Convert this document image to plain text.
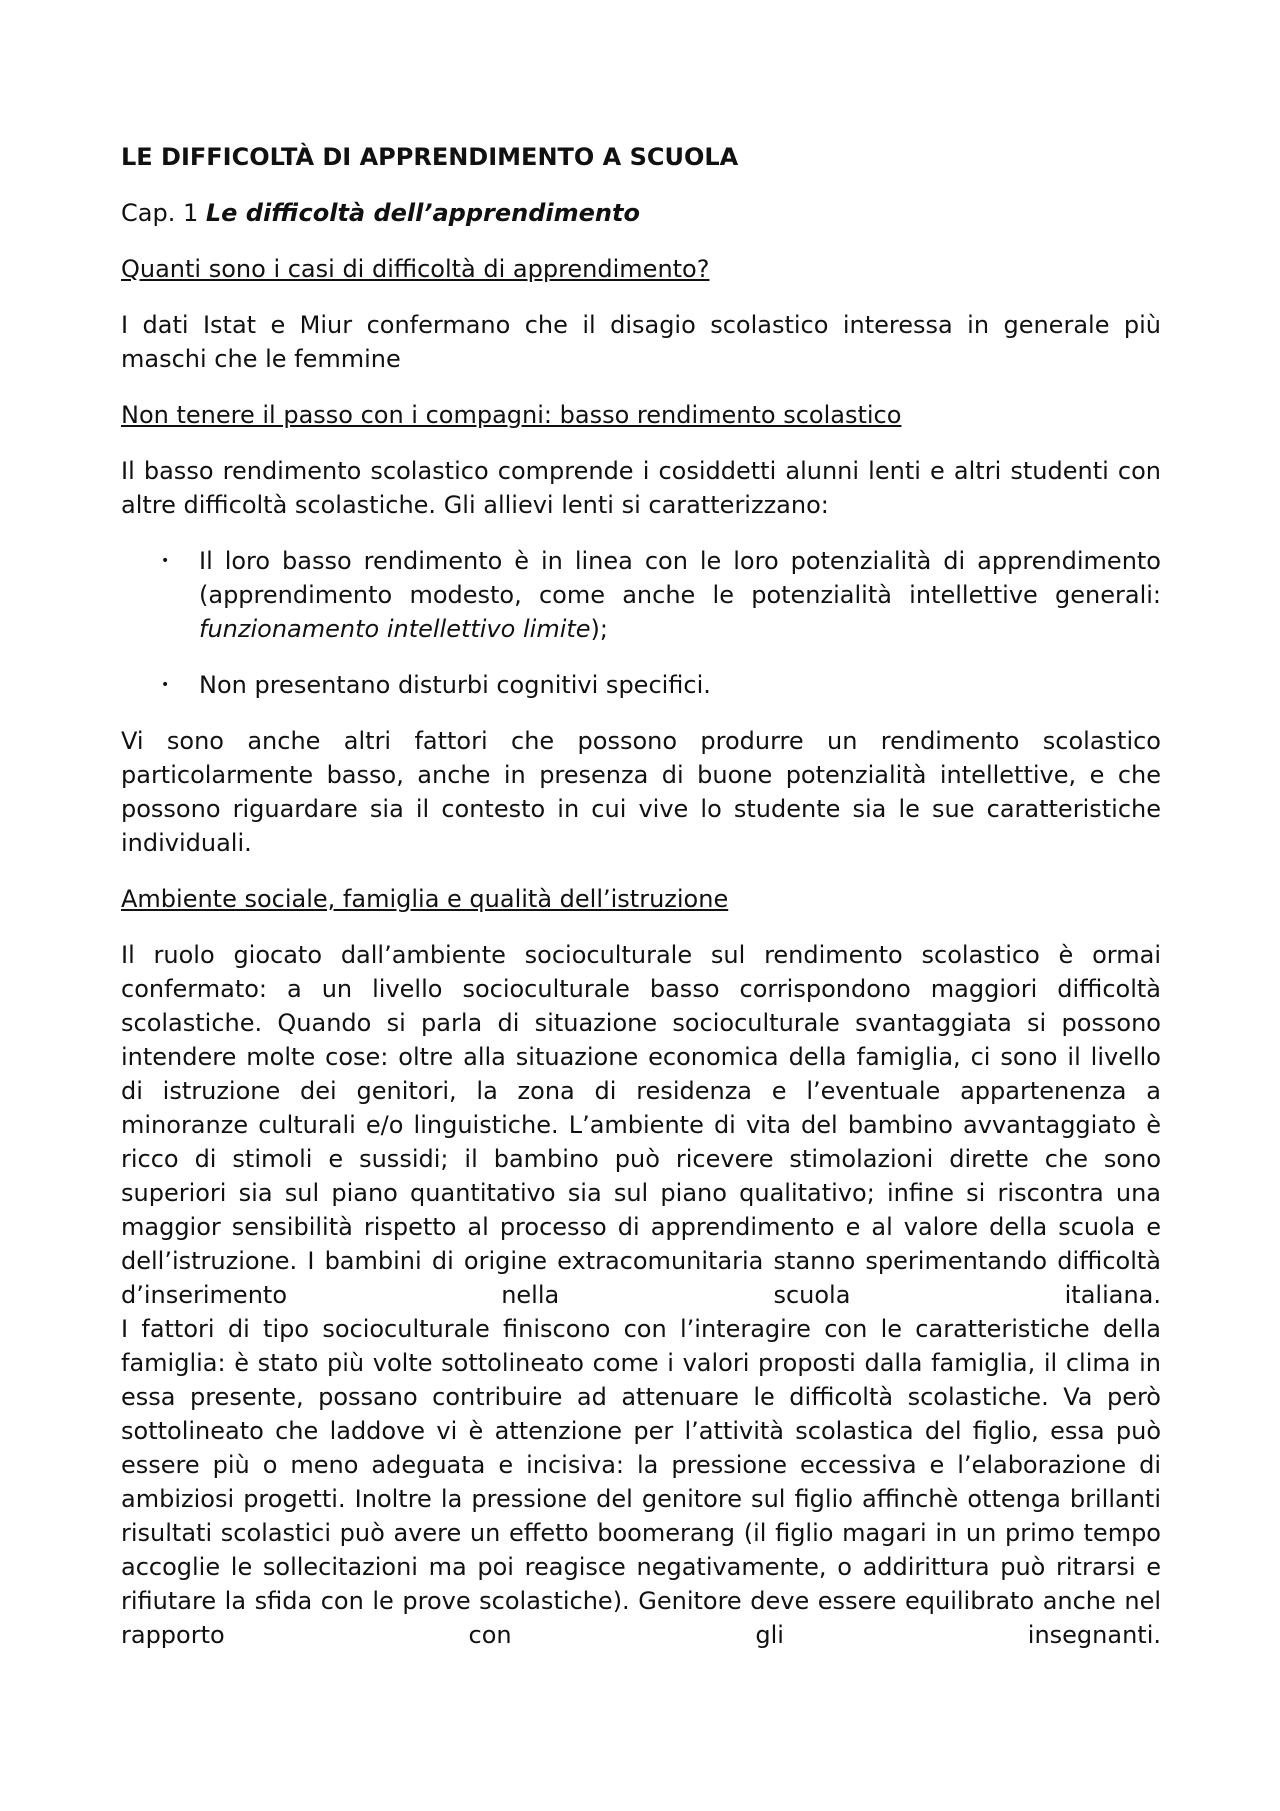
LE DIFFICOLTÀ DI APPRENDIMENTO A SCUOLA
Cap. 1 Le difficoltà dell’apprendimento
Quanti sono i casi di difficoltà di apprendimento?
I dati Istat e Miur confermano che il disagio scolastico interessa in generale più maschi che le femmine
Non tenere il passo con i compagni: basso rendimento scolastico
Il basso rendimento scolastico comprende i cosiddetti alunni lenti e altri studenti con altre difficoltà scolastiche. Gli allievi lenti si caratterizzano:
• Il loro basso rendimento è in linea con le loro potenzialità di apprendimento (apprendimento modesto, come anche le potenzialità intellettive generali: funzionamento intellettivo limite);
• Non presentano disturbi cognitivi specifici.
Vi sono anche altri fattori che possono produrre un rendimento scolastico particolarmente basso, anche in presenza di buone potenzialità intellettive, e che possono riguardare sia il contesto in cui vive lo studente sia le sue caratteristiche individuali.
Ambiente sociale, famiglia e qualità dell’istruzione
Il ruolo giocato dall’ambiente socioculturale sul rendimento scolastico è ormai confermato: a un livello socioculturale basso corrispondono maggiori difficoltà scolastiche. Quando si parla di situazione socioculturale svantaggiata si possono intendere molte cose: oltre alla situazione economica della famiglia, ci sono il livello di istruzione dei genitori, la zona di residenza e l’eventuale appartenenza a minoranze culturali e/o linguistiche. L’ambiente di vita del bambino avvantaggiato è ricco di stimoli e sussidi; il bambino può ricevere stimolazioni dirette che sono superiori sia sul piano quantitativo sia sul piano qualitativo; infine si riscontra una maggior sensibilità rispetto al processo di apprendimento e al valore della scuola e dell’istruzione. I bambini di origine extracomunitaria stanno sperimentando difficoltà d’inserimento nella scuola italiana.
I fattori di tipo socioculturale finiscono con l’interagire con le caratteristiche della famiglia: è stato più volte sottolineato come i valori proposti dalla famiglia, il clima in essa presente, possano contribuire ad attenuare le difficoltà scolastiche. Va però sottolineato che laddove vi è attenzione per l’attività scolastica del figlio, essa può essere più o meno adeguata e incisiva: la pressione eccessiva e l’elaborazione di ambiziosi progetti. Inoltre la pressione del genitore sul figlio affinchè ottenga brillanti risultati scolastici può avere un effetto boomerang (il figlio magari in un primo tempo accoglie le sollecitazioni ma poi reagisce negativamente, o addirittura può ritrarsi e rifiutare la sfida con le prove scolastiche). Genitore deve essere equilibrato anche nel rapporto con gli insegnanti.
